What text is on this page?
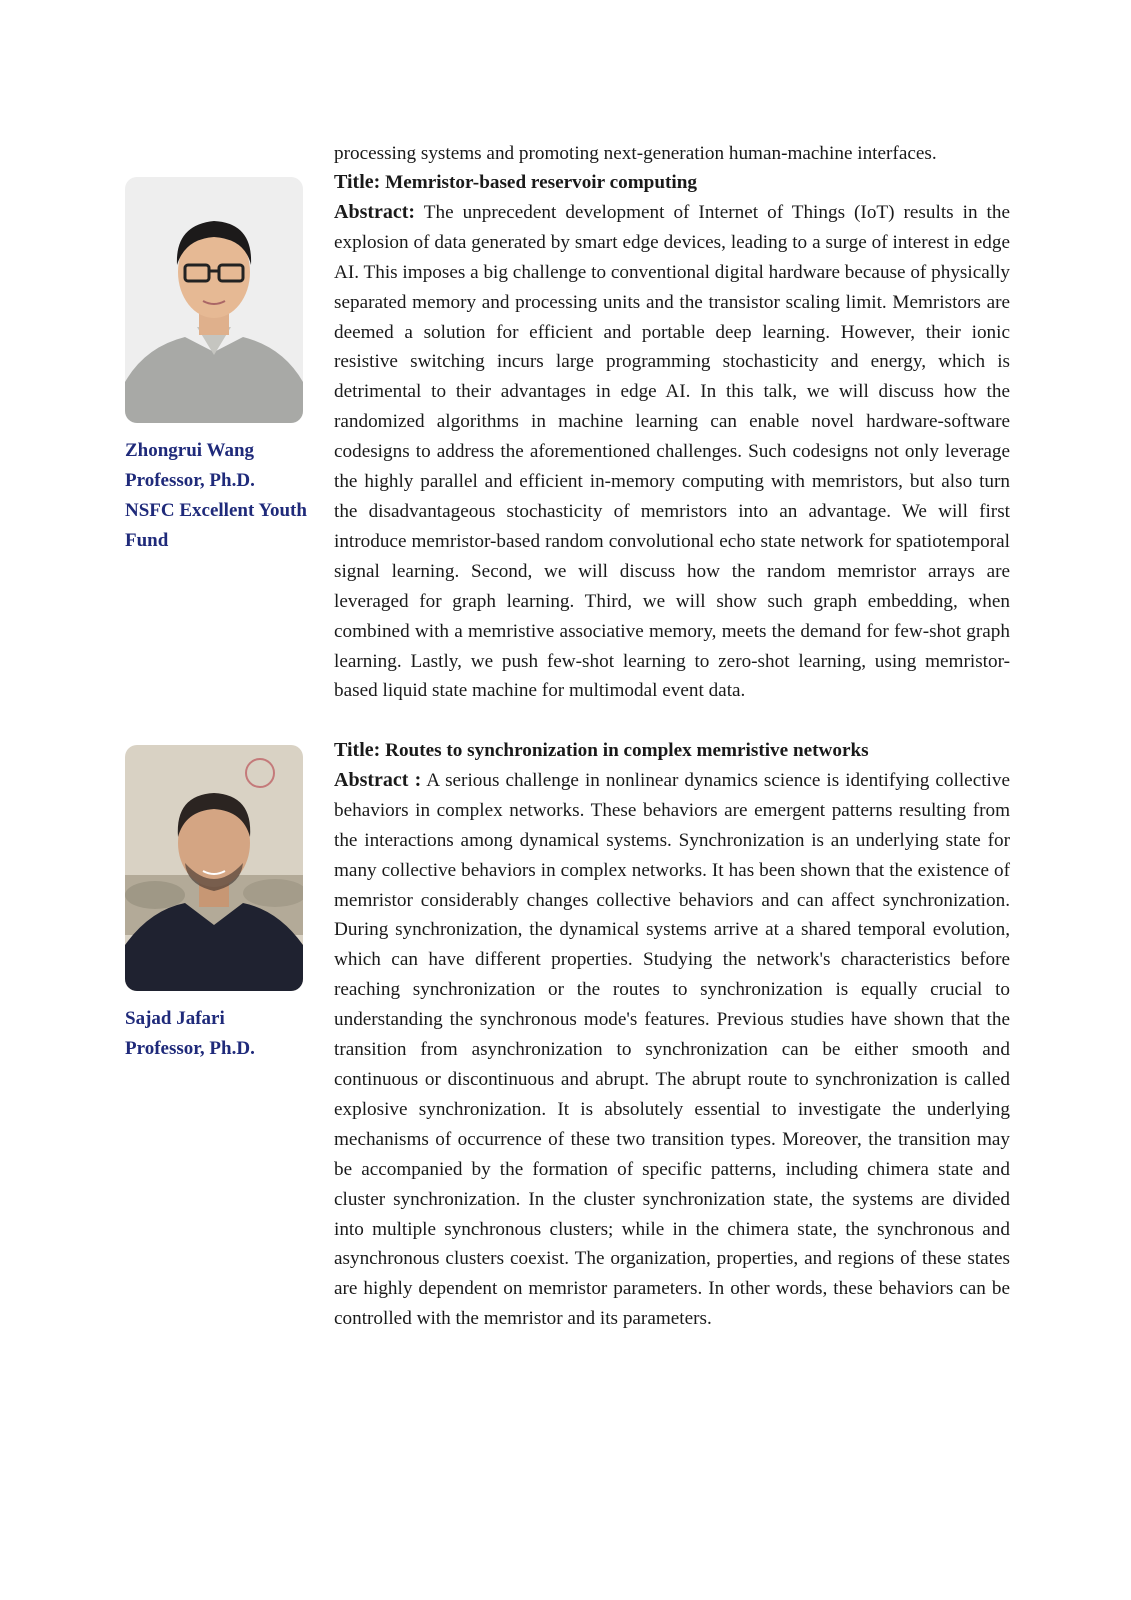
Zhongrui Wang
Professor, Ph.D.
NSFC Excellent Youth
Fund
Sajad Jafari
Professor, Ph.D.

processing systems and promoting next-generation human-machine interfaces.

Title: Memristor-based reservoir computing

Abstract: The unprecedent development of Internet of Things (IoT) results in the explosion of data generated by smart edge devices, leading to a surge of interest in edge AI. This imposes a big challenge to conventional digital hardware because of physically separated memory and processing units and the transistor scaling limit. Memristors are deemed a solution for efficient and portable deep learning. However, their ionic resistive switching incurs large programming stochasticity and energy, which is detrimental to their advantages in edge AI. In this talk, we will discuss how the randomized algorithms in machine learning can enable novel hardware-software codesigns to address the aforementioned challenges. Such codesigns not only leverage the highly parallel and efficient in-memory computing with memristors, but also turn the disadvantageous stochasticity of memristors into an advantage. We will first introduce memristor-based random convolutional echo state network for spatiotemporal signal learning. Second, we will discuss how the random memristor arrays are leveraged for graph learning. Third, we will show such graph embedding, when combined with a memristive associative memory, meets the demand for few-shot graph learning. Lastly, we push few-shot learning to zero-shot learning, using memristor-based liquid state machine for multimodal event data.

Title: Routes to synchronization in complex memristive networks

Abstract : A serious challenge in nonlinear dynamics science is identifying collective behaviors in complex networks. These behaviors are emergent patterns resulting from the interactions among dynamical systems. Synchronization is an underlying state for many collective behaviors in complex networks. It has been shown that the existence of memristor considerably changes collective behaviors and can affect synchronization. During synchronization, the dynamical systems arrive at a shared temporal evolution, which can have different properties. Studying the network's characteristics before reaching synchronization or the routes to synchronization is equally crucial to understanding the synchronous mode's features. Previous studies have shown that the transition from asynchronization to synchronization can be either smooth and continuous or discontinuous and abrupt. The abrupt route to synchronization is called explosive synchronization. It is absolutely essential to investigate the underlying mechanisms of occurrence of these two transition types. Moreover, the transition may be accompanied by the formation of specific patterns, including chimera state and cluster synchronization. In the cluster synchronization state, the systems are divided into multiple synchronous clusters; while in the chimera state, the synchronous and asynchronous clusters coexist. The organization, properties, and regions of these states are highly dependent on memristor parameters. In other words, these behaviors can be controlled with the memristor and its parameters.
